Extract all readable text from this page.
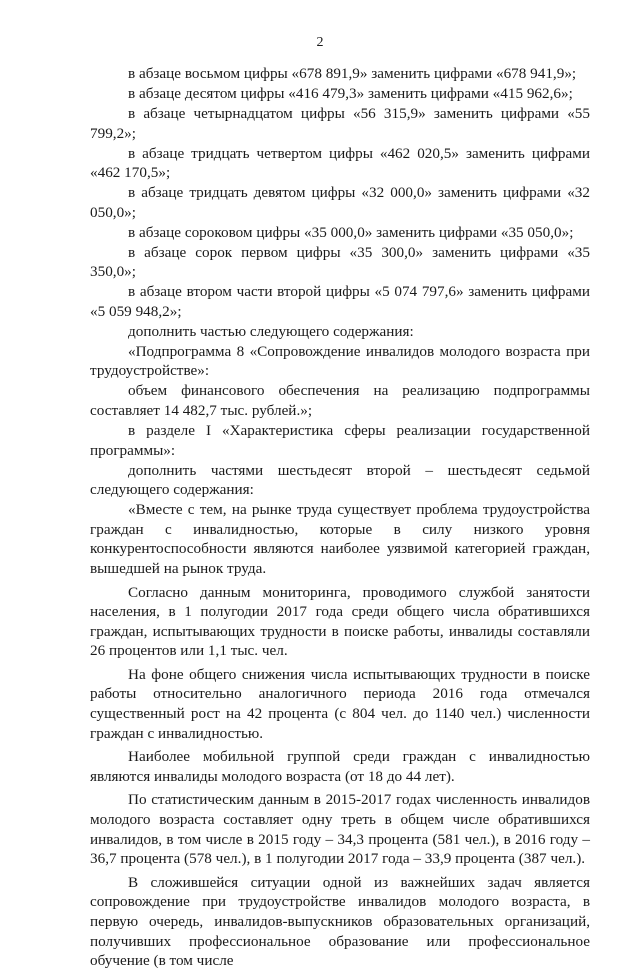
2

в абзаце восьмом цифры «678 891,9» заменить цифрами «678 941,9»;

в абзаце десятом цифры «416 479,3» заменить цифрами «415 962,6»;

в абзаце четырнадцатом цифры «56 315,9» заменить цифрами «55 799,2»;

в абзаце тридцать четвертом цифры «462 020,5» заменить цифрами «462 170,5»;

в абзаце тридцать девятом цифры «32 000,0» заменить цифрами «32 050,0»;

в абзаце сороковом цифры «35 000,0» заменить цифрами «35 050,0»;

в абзаце сорок первом цифры «35 300,0» заменить цифрами «35 350,0»;

в абзаце втором части второй цифры «5 074 797,6» заменить цифрами «5 059 948,2»;

дополнить частью следующего содержания:

«Подпрограмма 8 «Сопровождение инвалидов молодого возраста при трудоустройстве»:

объем финансового обеспечения на реализацию подпрограммы составляет 14 482,7 тыс. рублей.»;

в разделе I «Характеристика сферы реализации государственной программы»:

дополнить частями шестьдесят второй – шестьдесят седьмой следующего содержания:

«Вместе с тем, на рынке труда существует проблема трудоустройства граждан с инвалидностью, которые в силу низкого уровня конкурентоспособности являются наиболее уязвимой категорией граждан, вышедшей на рынок труда.

Согласно данным мониторинга, проводимого службой занятости населения, в 1 полугодии 2017 года среди общего числа обратившихся граждан, испытывающих трудности в поиске работы, инвалиды составляли 26 процентов или 1,1 тыс. чел.

На фоне общего снижения числа испытывающих трудности в поиске работы относительно аналогичного периода 2016 года отмечался существенный рост на 42 процента (с 804 чел. до 1140 чел.) численности граждан с инвалидностью.

Наиболее мобильной группой среди граждан с инвалидностью являются инвалиды молодого возраста (от 18 до 44 лет).

По статистическим данным в 2015-2017 годах численность инвалидов молодого возраста составляет одну треть в общем числе обратившихся инвалидов, в том числе в 2015 году – 34,3 процента (581 чел.), в 2016 году – 36,7 процента (578 чел.), в 1 полугодии 2017 года – 33,9 процента (387 чел.).

В сложившейся ситуации одной из важнейших задач является сопровождение при трудоустройстве инвалидов молодого возраста, в первую очередь, инвалидов-выпускников образовательных организаций, получивших профессиональное образование или профессиональное обучение (в том числе
